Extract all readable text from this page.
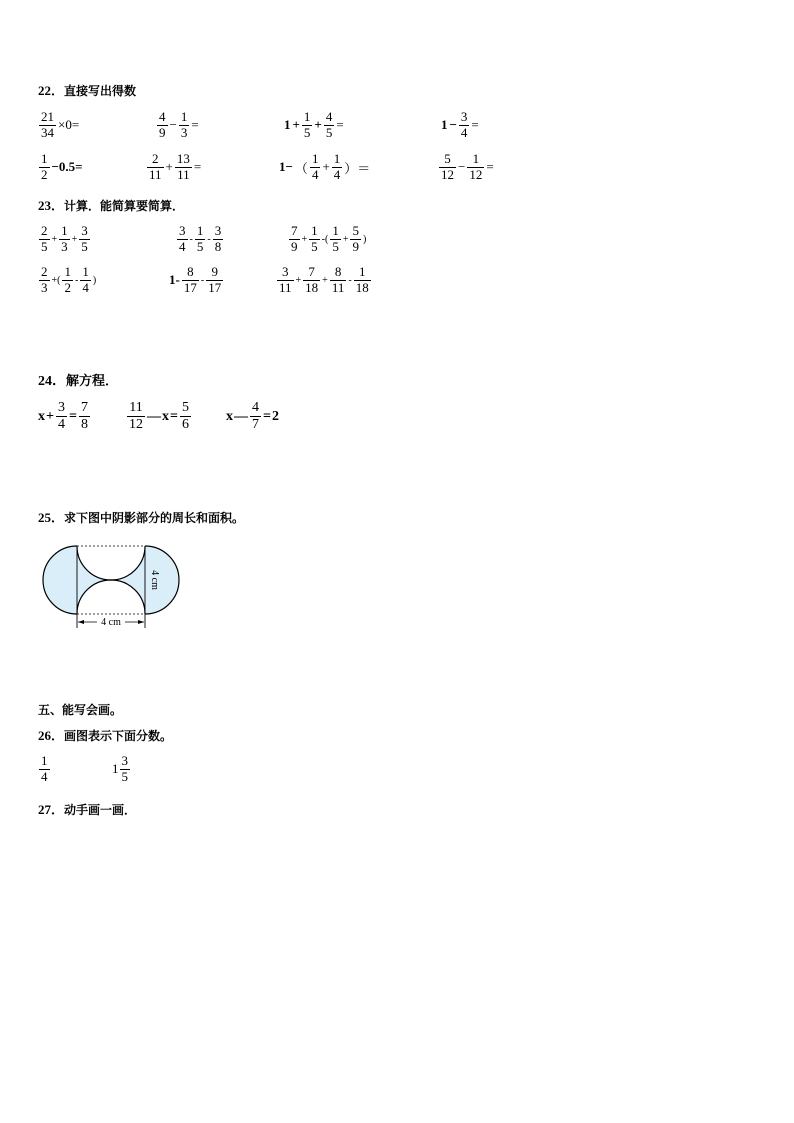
22．直接写出得数
$\frac{21}{34} \times 0=$	$\frac{4}{9} - \frac{1}{3}$ =	$1 + \frac{1}{5} + \frac{4}{5}$ =	$1 - \frac{3}{4}$ =
$\frac{1}{2} -0.5=$	$\frac{2}{11} + \frac{13}{11}$ =	1− （ $\frac{1}{4} + \frac{1}{4}$ ）＝	$\frac{5}{12} - \frac{1}{12}$ =
23．计算．能简算要简算．
$\frac{2}{5} + \frac{1}{3} + \frac{3}{5}$	$\frac{3}{4} - \frac{1}{5} - \frac{3}{8}$	$\frac{7}{9} + \frac{1}{5}$ -( $\frac{1}{5} + \frac{5}{9}$ )
$\frac{2}{3}$ +( $\frac{1}{2} - \frac{1}{4}$ )	$1- \frac{8}{17} - \frac{9}{17}$	$\frac{3}{11} + \frac{7}{18} + \frac{8}{11} - \frac{1}{18}$
24．解方程．
$x + \frac{3}{4} = \frac{7}{8}$	$\frac{11}{12}$ — $x = \frac{5}{6}$	x — $\frac{4}{7} = 2$
25．求下图中阴影部分的周长和面积。
4 cm
4 cm
五、能写会画。
26．画图表示下面分数。
$\frac{1}{4}$	$1 \frac{3}{5}$
27．动手画一画．
